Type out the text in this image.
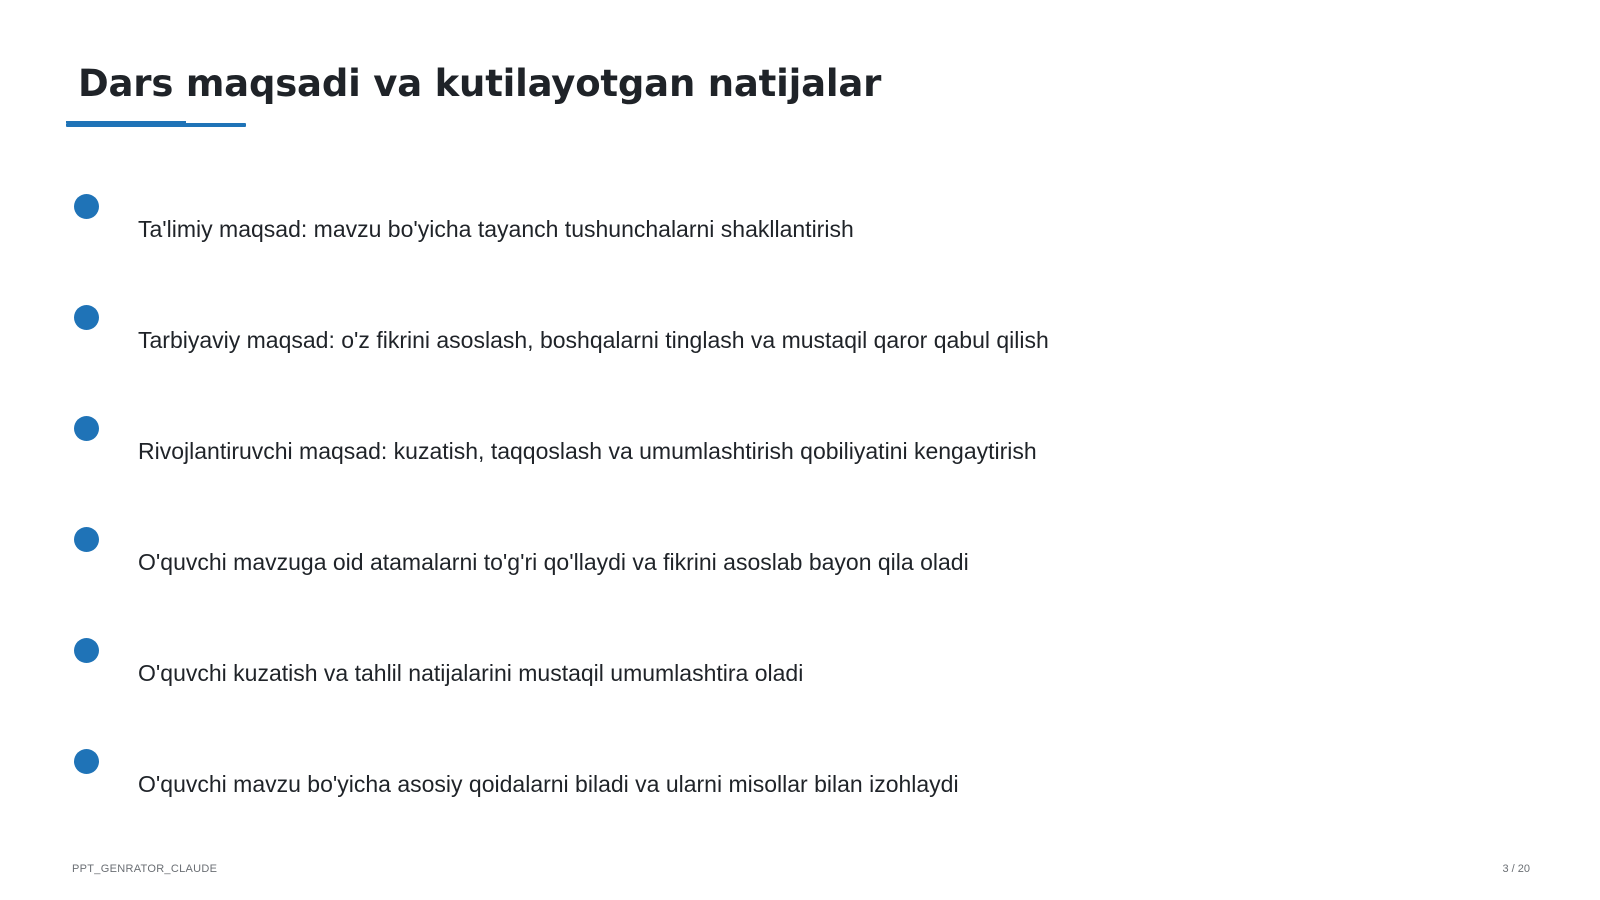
Dars maqsadi va kutilayotgan natijalar
Ta'limiy maqsad: mavzu bo'yicha tayanch tushunchalarni shakllantirish
Tarbiyaviy maqsad: o'z fikrini asoslash, boshqalarni tinglash va mustaqil qaror qabul qilish
Rivojlantiruvchi maqsad: kuzatish, taqqoslash va umumlashtirish qobiliyatini kengaytirish
O'quvchi mavzuga oid atamalarni to'g'ri qo'llaydi va fikrini asoslab bayon qila oladi
O'quvchi kuzatish va tahlil natijalarini mustaqil umumlashtira oladi
O'quvchi mavzu bo'yicha asosiy qoidalarni biladi va ularni misollar bilan izohlaydi
PPT_GENRATOR_CLAUDE	3 / 20
